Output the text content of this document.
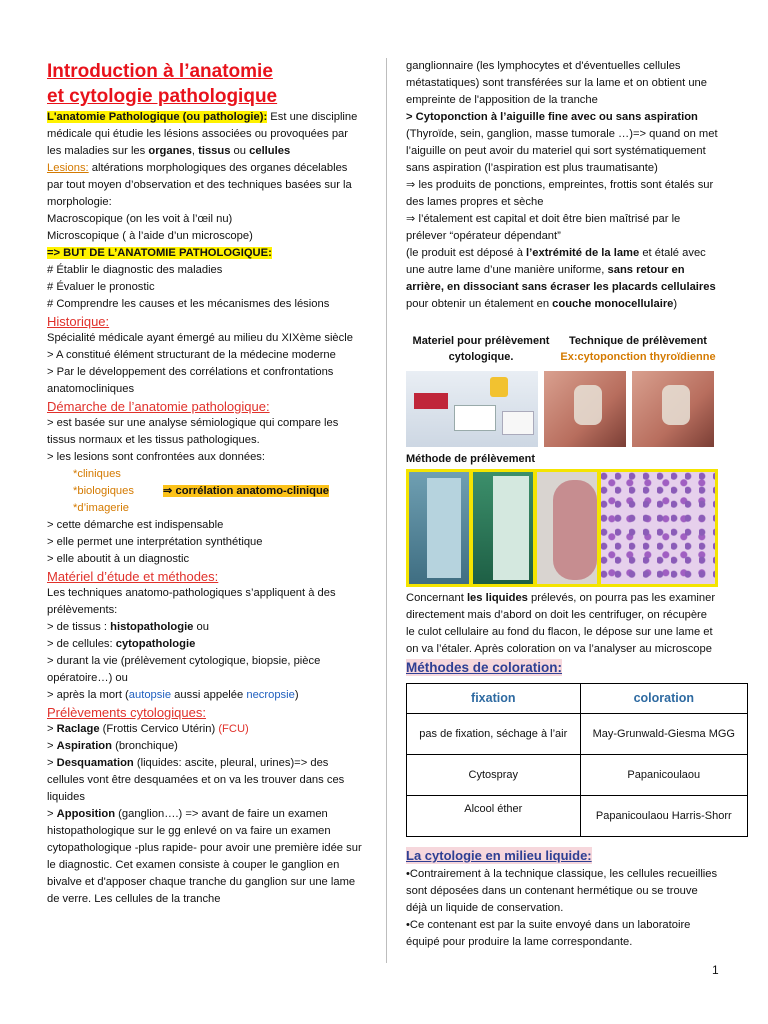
Introduction à l’anatomie
et cytologie pathologique

L'anatomie Pathologique (ou pathologie): Est une discipline médicale qui étudie les lésions associées ou provoquées par les maladies sur les organes, tissus ou cellules

Lesions: altérations morphologiques des organes décelables par tout moyen d’observation et des techniques basées sur la morphologie:

Macroscopique (on les voit à l’œil nu)

Microscopique ( à l’aide d’un microscope)

=> BUT DE L’ANATOMIE PATHOLOGIQUE:

# Établir le diagnostic des maladies

# Évaluer le pronostic

# Comprendre les causes et les mécanismes des lésions

Historique:

Spécialité médicale ayant émergé au milieu du XIXème siècle

> A constitué élément structurant de la médecine moderne

> Par le développement des corrélations et confrontations anatomocliniques

Démarche de l’anatomie pathologique:

> est basée sur une analyse sémiologique qui compare les tissus normaux et les tissus pathologiques.

> les lesions sont confrontées aux données:

*cliniques

*biologiques	⇒ corrélation anatomo-clinique

*d’imagerie

> cette démarche est indispensable

> elle permet une interprétation synthétique

> elle aboutit à un diagnostic

Matériel d’étude et méthodes:

Les techniques anatomo-pathologiques s’appliquent à des prélèvements:

> de tissus : histopathologie ou

> de cellules: cytopathologie

> durant la vie (prélèvement cytologique, biopsie, pièce opératoire…) ou

> après la mort (autopsie aussi appelée necropsie)

Prélèvements cytologiques:

> Raclage (Frottis Cervico Utérin) (FCU)

> Aspiration (bronchique)

> Desquamation (liquides: ascite, pleural, urines)=> des cellules vont être desquamées et on va les trouver dans ces liquides

> Apposition (ganglion….) => avant de faire un examen histopathologique sur le gg enlevé on va faire un examen cytopathologique -plus rapide- pour avoir une première idée sur le diagnostic. Cet examen consiste à couper le ganglion en bivalve et d'apposer chaque tranche du ganglion sur une lame de verre. Les cellules de la tranche

ganglionnaire (les lymphocytes et d'éventuelles cellules métastatiques) sont transférées sur la lame et on obtient une empreinte de l'apposition de la tranche

> Cytoponction à l’aiguille fine avec ou sans aspiration

(Thyroïde, sein, ganglion, masse tumorale …)=> quand on met l’aiguille on peut avoir du materiel qui sort systématiquement sans aspiration (l’aspiration est plus traumatisante)

⇒ les produits de ponctions, empreintes, frottis sont étalés sur des lames propres et sèche

⇒ l’étalement est capital et doit être bien maîtrisé par le prélever “opérateur dépendant”

(le produit est déposé à l’extrémité de la lame et étalé avec une autre lame d’une manière uniforme, sans retour en arrière, en dissociant sans écraser les placards cellulaires pour obtenir un étalement en couche monocellulaire)

Materiel pour prélèvement cytologique.
Technique de prélèvement
Ex:cytoponction thyroïdienne
Méthode de prélèvement

Concernant les liquides prélevés, on pourra pas les examiner directement mais d’abord on doit les centrifuger, on récupère le culot cellulaire au fond du flacon, le dépose sur une lame et on va l’étaler. Après coloration on va l’analyser au microscope

Méthodes de coloration:
fixation	coloration
pas de fixation, séchage à l’air	May-Grunwald-Giesma MGG
Cytospray	Papanicoulaou
Alcool éther	Papanicoulaou Harris-Shorr
La cytologie en milieu liquide:

•Contrairement à la technique classique, les cellules recueillies sont déposées dans un contenant hermétique ou se trouve déjà un liquide de conservation.

•Ce contenant est par la suite envoyé dans un laboratoire équipé pour produire la lame correspondante.

1
